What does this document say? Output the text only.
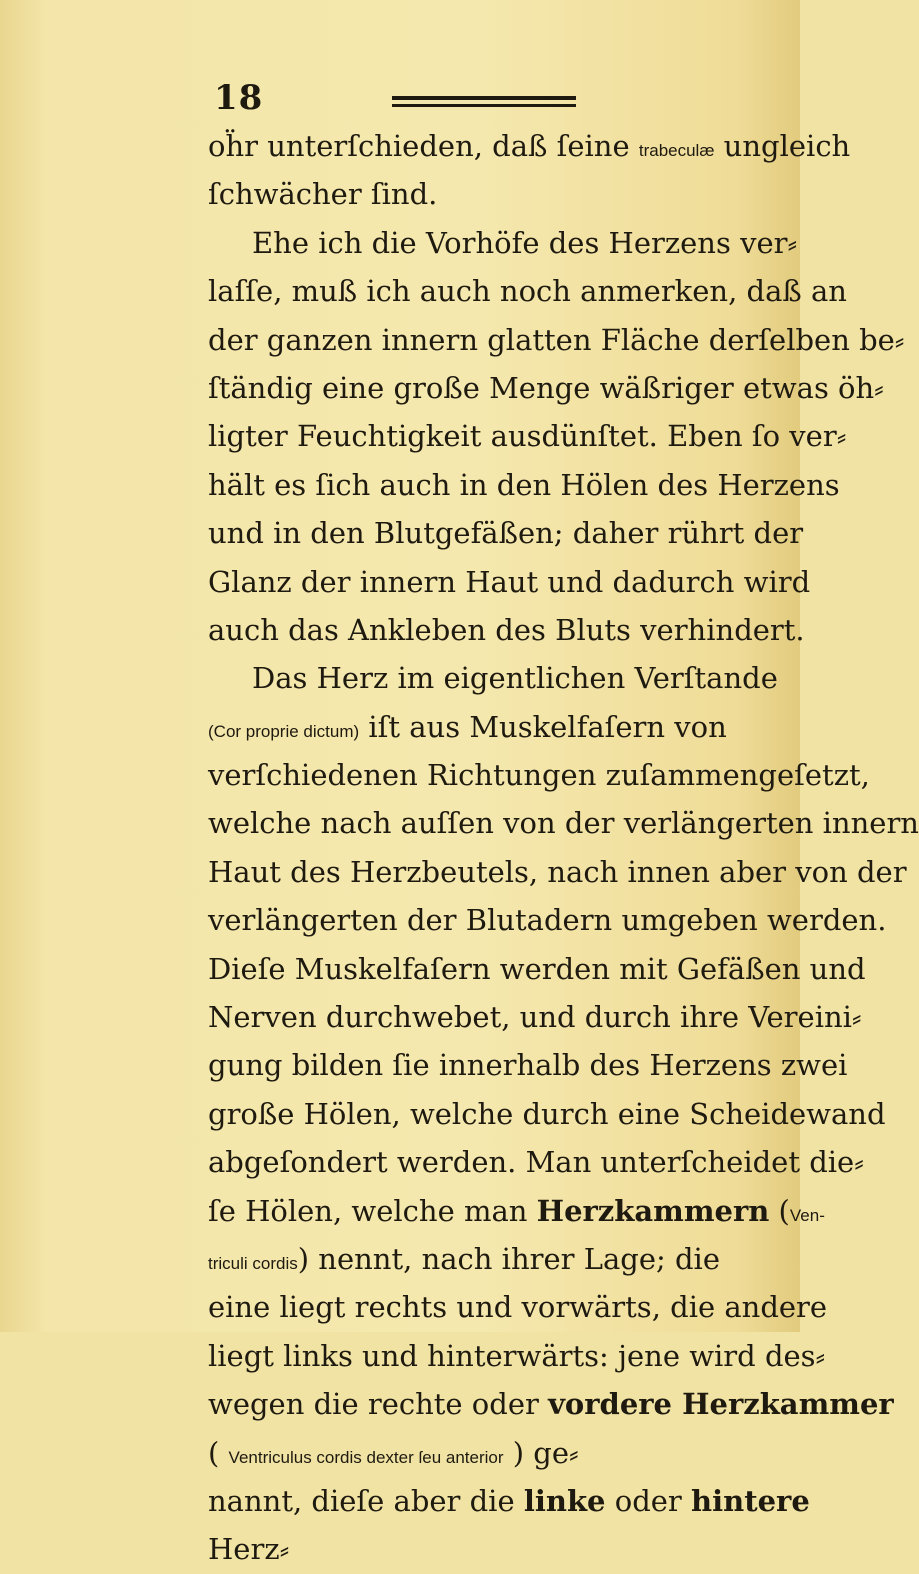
18
oḧr unterſchieden, daß ſeine trabeculæ ungleich
ſchwächer ſind.
Ehe ich die Vorhöfe des Herzens ver⸗
laſſe, muß ich auch noch anmerken, daß an
der ganzen innern glatten Fläche derſelben be⸗
ſtändig eine große Menge wäßriger etwas öh⸗
ligter Feuchtigkeit ausdünſtet. Eben ſo ver⸗
hält es ſich auch in den Hölen des Herzens
und in den Blutgefäßen; daher rührt der
Glanz der innern Haut und dadurch wird
auch das Ankleben des Bluts verhindert.
Das Herz im eigentlichen Verſtande
(Cor proprie dictum) iſt aus Muskelfaſern von
verſchiedenen Richtungen zuſammengeſetzt,
welche nach auſſen von der verlängerten innern
Haut des Herzbeutels, nach innen aber von der
verlängerten der Blutadern umgeben werden.
Dieſe Muskelfaſern werden mit Gefäßen und
Nerven durchwebet, und durch ihre Vereini⸗
gung bilden ſie innerhalb des Herzens zwei
große Hölen, welche durch eine Scheidewand
abgeſondert werden. Man unterſcheidet die⸗
ſe Hölen, welche man Herzkammern (Ven-
triculi cordis) nennt, nach ihrer Lage; die
eine liegt rechts und vorwärts, die andere
liegt links und hinterwärts: jene wird des⸗
wegen die rechte oder vordere Herzkammer
( Ventriculus cordis dexter ſeu anterior ) ge⸗
nannt, dieſe aber die linke oder hintere
Herz⸗
